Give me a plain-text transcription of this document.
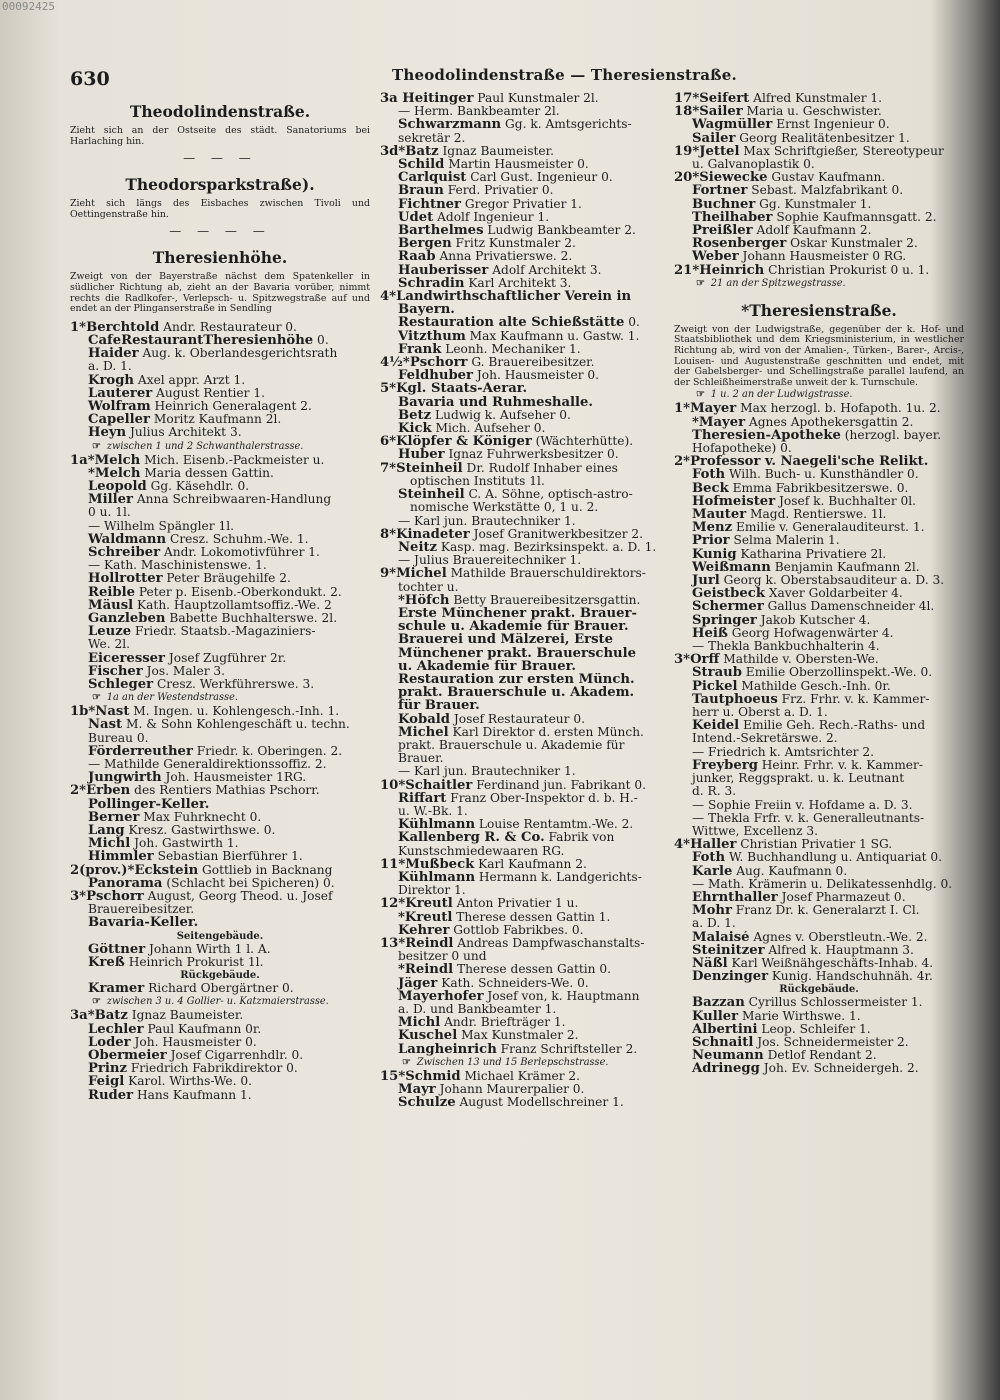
00092425
630	Theodolindenstraße — Theresienstraße.
Theodolindenstraße.
Zieht sich an der Ostseite des städt. Sanatoriums bei Harlaching hin.
— — —
Theodorsparkstraße).
Zieht sich längs des Eisbaches zwischen Tivoli und Oettingenstraße hin.
— — — —
Theresienhöhe.
Zweigt von der Bayerstraße nächst dem Spatenkeller in südlicher Richtung ab, zieht an der Bavaria vorüber, nimmt rechts die Radlkofer-, Verlepsch- u. Spitzwegstraße auf und endet an der Plinganserstraße in Sendling
1*Berchtold Andr. Restaurateur 0.
CafeRestaurantTheresienhöhe 0.
Haider Aug. k. Oberlandesgerichtsrath
a. D. 1.
Krogh Axel appr. Arzt 1.
Lauterer August Rentier 1.
Wolfram Heinrich Generalagent 2.
Capeller Moritz Kaufmann 2l.
Heyn Julius Architekt 3.
☞ zwischen 1 und 2 Schwanthalerstrasse.
1a*Melch Mich. Eisenb.-Packmeister u.
*Melch Maria dessen Gattin.
Leopold Gg. Käsehdlr. 0.
Miller Anna Schreibwaaren-Handlung
0 u. 1l.
— Wilhelm Spängler 1l.
Waldmann Cresz. Schuhm.-We. 1.
Schreiber Andr. Lokomotivführer 1.
— Kath. Maschinistenswe. 1.
Hollrotter Peter Bräugehilfe 2.
Reible Peter p. Eisenb.-Oberkondukt. 2.
Mäusl Kath. Hauptzollamtsoffiz.-We. 2
Ganzleben Babette Buchhalterswe. 2l.
Leuze Friedr. Staatsb.-Magaziniers-
We. 2l.
Eiceresser Josef Zugführer 2r.
Fischer Jos. Maler 3.
Schleger Cresz. Werkführerswe. 3.
☞ 1a an der Westendstrasse.
1b*Nast M. Ingen. u. Kohlengesch.-Inh. 1.
Nast M. & Sohn Kohlengeschäft u. techn.
Bureau 0.
Förderreuther Friedr. k. Oberingen. 2.
— Mathilde Generaldirektionssoffiz. 2.
Jungwirth Joh. Hausmeister 1RG.
2*Erben des Rentiers Mathias Pschorr.
Pollinger-Keller.
Berner Max Fuhrknecht 0.
Lang Kresz. Gastwirthswe. 0.
Michl Joh. Gastwirth 1.
Himmler Sebastian Bierführer 1.
2(prov.)*Eckstein Gottlieb in Backnang
Panorama (Schlacht bei Spicheren) 0.
3*Pschorr August, Georg Theod. u. Josef
Brauereibesitzer.
Bavaria-Keller.
Seitengebäude.
Göttner Johann Wirth 1 l. A.
Kreß Heinrich Prokurist 1l.
Rückgebäude.
Kramer Richard Obergärtner 0.
☞ zwischen 3 u. 4 Gollier- u. Katzmaierstrasse.
3a*Batz Ignaz Baumeister.
Lechler Paul Kaufmann 0r.
Loder Joh. Hausmeister 0.
Obermeier Josef Cigarrenhdlr. 0.
Prinz Friedrich Fabrikdirektor 0.
Feigl Karol. Wirths-We. 0.
Ruder Hans Kaufmann 1.
3a Heitinger Paul Kunstmaler 2l.
— Herm. Bankbeamter 2l.
Schwarzmann Gg. k. Amtsgerichts-
sekretär 2.
3d*Batz Ignaz Baumeister.
Schild Martin Hausmeister 0.
Carlquist Carl Gust. Ingenieur 0.
Braun Ferd. Privatier 0.
Fichtner Gregor Privatier 1.
Udet Adolf Ingenieur 1.
Barthelmes Ludwig Bankbeamter 2.
Bergen Fritz Kunstmaler 2.
Raab Anna Privatierswe. 2.
Hauberisser Adolf Architekt 3.
Schradin Karl Architekt 3.
4*Landwirthschaftlicher Verein in
Bayern.
Restauration alte Schießstätte 0.
Vitzthum Max Kaufmann u. Gastw. 1.
Frank Leonh. Mechaniker 1.
4½*Pschorr G. Brauereibesitzer.
Feldhuber Joh. Hausmeister 0.
5*Kgl. Staats-Aerar.
Bavaria und Ruhmeshalle.
Betz Ludwig k. Aufseher 0.
Kick Mich. Aufseher 0.
6*Klöpfer & Königer (Wächterhütte).
Huber Ignaz Fuhrwerksbesitzer 0.
7*Steinheil Dr. Rudolf Inhaber eines
optischen Instituts 1l.
Steinheil C. A. Söhne, optisch-astro-
nomische Werkstätte 0, 1 u. 2.
— Karl jun. Brautechniker 1.
8*Kinadeter Josef Granitwerkbesitzer 2.
Neitz Kasp. mag. Bezirksinspekt. a. D. 1.
— Julius Brauereitechniker 1.
9*Michel Mathilde Brauerschuldirektors-
tochter u.
*Höfch Betty Brauereibesitzersgattin.
Erste Münchener prakt. Brauer-
schule u. Akademie für Brauer.
Brauerei und Mälzerei, Erste
Münchener prakt. Brauerschule
u. Akademie für Brauer.
Restauration zur ersten Münch.
prakt. Brauerschule u. Akadem.
für Brauer.
Kobald Josef Restaurateur 0.
Michel Karl Direktor d. ersten Münch.
prakt. Brauerschule u. Akademie für
Brauer.
— Karl jun. Brautechniker 1.
10*Schaitler Ferdinand jun. Fabrikant 0.
Riffart Franz Ober-Inspektor d. b. H.-
u. W.-Bk. 1.
Kühlmann Louise Rentamtm.-We. 2.
Kallenberg R. & Co. Fabrik von
Kunstschmiedewaaren RG.
11*Mußbeck Karl Kaufmann 2.
Kühlmann Hermann k. Landgerichts-
Direktor 1.
12*Kreutl Anton Privatier 1 u.
*Kreutl Therese dessen Gattin 1.
Kehrer Gottlob Fabrikbes. 0.
13*Reindl Andreas Dampfwaschanstalts-
besitzer 0 und
*Reindl Therese dessen Gattin 0.
Jäger Kath. Schneiders-We. 0.
Mayerhofer Josef von, k. Hauptmann
a. D. und Bankbeamter 1.
Michl Andr. Briefträger 1.
Kuschel Max Kunstmaler 2.
Langheinrich Franz Schriftsteller 2.
☞ Zwischen 13 und 15 Berlepschstrasse.
15*Schmid Michael Krämer 2.
Mayr Johann Maurerpalier 0.
Schulze August Modellschreiner 1.
17*Seifert Alfred Kunstmaler 1.
18*Sailer Maria u. Geschwister.
Wagmüller Ernst Ingenieur 0.
Sailer Georg Realitätenbesitzer 1.
19*Jettel Max Schriftgießer, Stereotypeur
u. Galvanoplastik 0.
20*Siewecke Gustav Kaufmann.
Fortner Sebast. Malzfabrikant 0.
Buchner Gg. Kunstmaler 1.
Theilhaber Sophie Kaufmannsgatt. 2.
Preißler Adolf Kaufmann 2.
Rosenberger Oskar Kunstmaler 2.
Weber Johann Hausmeister 0 RG.
21*Heinrich Christian Prokurist 0 u. 1.
☞ 21 an der Spitzwegstrasse.
*Theresienstraße.
Zweigt von der Ludwigstraße, gegenüber der k. Hof- und Staatsbibliothek und dem Kriegsministerium, in westlicher Richtung ab, wird von der Amalien-, Türken-, Barer-, Arcis-, Louisen- und Augustenstraße geschnitten und endet, mit der Gabelsberger- und Schellingstraße parallel laufend, an der Schleißheimerstraße unweit der k. Turnschule.
☞ 1 u. 2 an der Ludwigstrasse.
1*Mayer Max herzogl. b. Hofapoth. 1u. 2.
*Mayer Agnes Apothekersgattin 2.
Theresien-Apotheke (herzogl. bayer.
Hofapotheke) 0.
2*Professor v. Naegeli'sche Relikt.
Foth Wilh. Buch- u. Kunsthändler 0.
Beck Emma Fabrikbesitzerswe. 0.
Hofmeister Josef k. Buchhalter 0l.
Mauter Magd. Rentierswe. 1l.
Menz Emilie v. Generalauditeurst. 1.
Prior Selma Malerin 1.
Kunig Katharina Privatiere 2l.
Weißmann Benjamin Kaufmann 2l.
Jurl Georg k. Oberstabsauditeur a. D. 3.
Geistbeck Xaver Goldarbeiter 4.
Schermer Gallus Damenschneider 4l.
Springer Jakob Kutscher 4.
Heiß Georg Hofwagenwärter 4.
— Thekla Bankbuchhalterin 4.
3*Orff Mathilde v. Obersten-We.
Straub Emilie Oberzollinspekt.-We. 0.
Pickel Mathilde Gesch.-Inh. 0r.
Tautphoeus Frz. Frhr. v. k. Kammer-
herr u. Oberst a. D. 1.
Keidel Emilie Geh. Rech.-Raths- und
Intend.-Sekretärswe. 2.
— Friedrich k. Amtsrichter 2.
Freyberg Heinr. Frhr. v. k. Kammer-
junker, Reggsprakt. u. k. Leutnant
d. R. 3.
— Sophie Freiin v. Hofdame a. D. 3.
— Thekla Frfr. v. k. Generalleutnants-
Wittwe, Excellenz 3.
4*Haller Christian Privatier 1 SG.
Foth W. Buchhandlung u. Antiquariat 0.
Karle Aug. Kaufmann 0.
— Math. Krämerin u. Delikatessenhdlg. 0.
Ehrnthaller Josef Pharmazeut 0.
Mohr Franz Dr. k. Generalarzt I. Cl.
a. D. 1.
Malaisé Agnes v. Oberstleutn.-We. 2.
Steinitzer Alfred k. Hauptmann 3.
Näßl Karl Weißnähgeschäfts-Inhab. 4.
Denzinger Kunig. Handschuhnäh. 4r.
Rückgebäude.
Bazzan Cyrillus Schlossermeister 1.
Kuller Marie Wirthswe. 1.
Albertini Leop. Schleifer 1.
Schnaitl Jos. Schneidermeister 2.
Neumann Detlof Rendant 2.
Adrinegg Joh. Ev. Schneidergeh. 2.
